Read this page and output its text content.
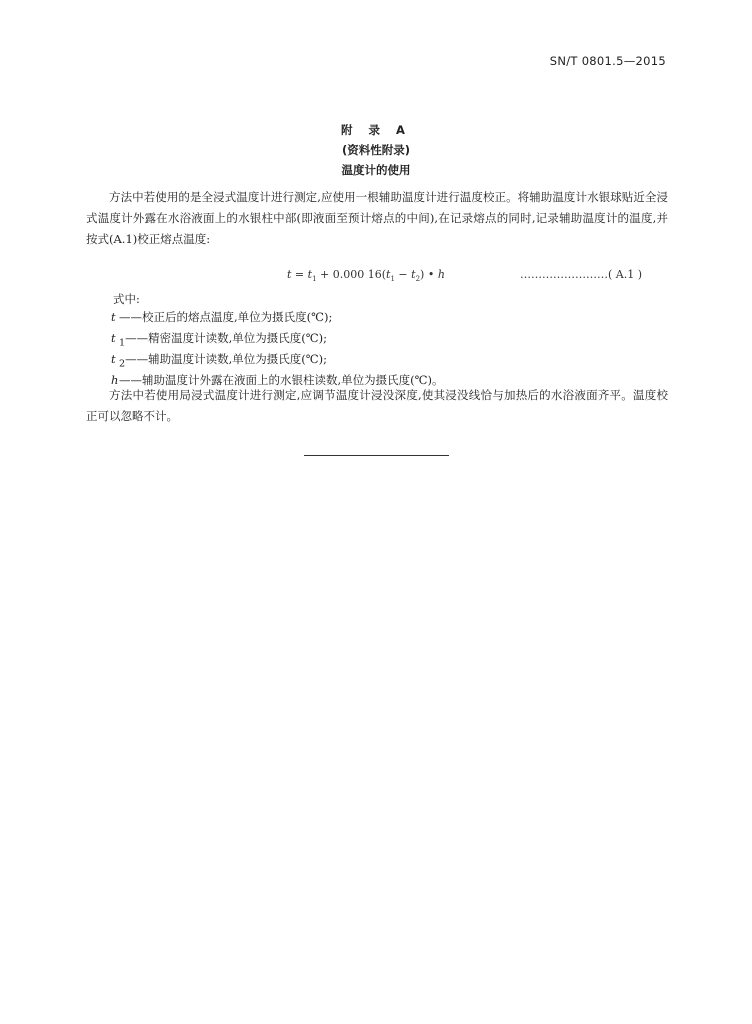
SN/T 0801.5—2015
附 录 A
(资料性附录)
温度计的使用

方法中若使用的是全浸式温度计进行测定,应使用一根辅助温度计进行温度校正。将辅助温度计水银球贴近全浸式温度计外露在水浴液面上的水银柱中部(即液面至预计熔点的中间),在记录熔点的同时,记录辅助温度计的温度,并按式(A.1)校正熔点温度:

$t = t_1 + 0.000$ $16(t_1 - t_2)$ • h	……………………( A.1 )
式中:
t ——校正后的熔点温度,单位为摄氏度(℃);
t $_1$——精密温度计读数,单位为摄氏度(℃);
t $_2$——辅助温度计读数,单位为摄氏度(℃);
h——辅助温度计外露在液面上的水银柱读数,单位为摄氏度(℃)。

方法中若使用局浸式温度计进行测定,应调节温度计浸没深度,使其浸没线恰与加热后的水浴液面齐平。温度校正可以忽略不计。
